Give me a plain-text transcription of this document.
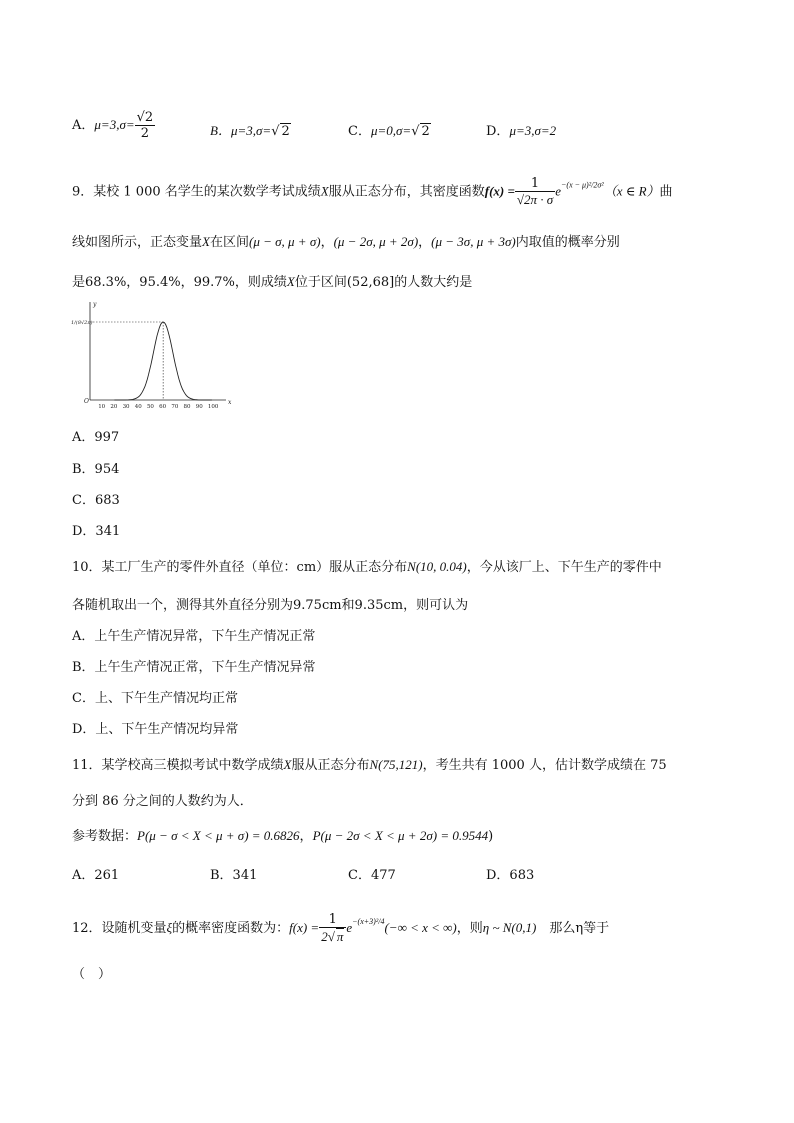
A．$\mu=3,\sigma= \frac{√2}{2}$	B．μ=3,σ=√ 2	C．μ=0,σ=√ 2	D．μ=3,σ=2
9．某校 1 000 名学生的某次数学考试成绩X服从正态分布，其密度函数$f(x) = \frac{1}{√2\pi \cdot \sigma} e^{-(x - \mu)^2/2\sigma^2}(x$ ∈ R）曲
线如图所示，正态变量X在区间(μ − σ, μ + σ)，(μ − 2σ, μ + 2σ)，(μ − 3σ, μ + 3σ)内取值的概率分别
是68.3%，95.4%，99.7%，则成绩X位于区间(52,68]的人数大约是
x
y
O
10 20 30 40 50 60 70 80 90 100
1/(8√2π)
A．997
B．954
C．683
D．341
10．某工厂生产的零件外直径（单位：cm）服从正态分布N(10, 0.04)，今从该厂上、下午生产的零件中
各随机取出一个，测得其外直径分别为9.75cm和9.35cm，则可认为
A．上午生产情况异常，下午生产情况正常
B．上午生产情况正常，下午生产情况异常
C．上、下午生产情况均正常
D．上、下午生产情况均异常
11．某学校高三模拟考试中数学成绩X服从正态分布N(75,121)，考生共有 1000 人，估计数学成绩在 75
分到 86 分之间的人数约为人．
参考数据：P(μ − σ < X < μ + σ) = 0.6826，P(μ − 2σ < X < μ + 2σ) = 0.9544)
A．261	B．341	C．477	D．683
12．设随机变量ξ的概率密度函数为：$f(x) = \frac{1}{2√ \pi} e^{-(x+3)^2/4}(-\infty < x$ < ∞)，则η ~ N(0,1)　 那么η等于
（　）
